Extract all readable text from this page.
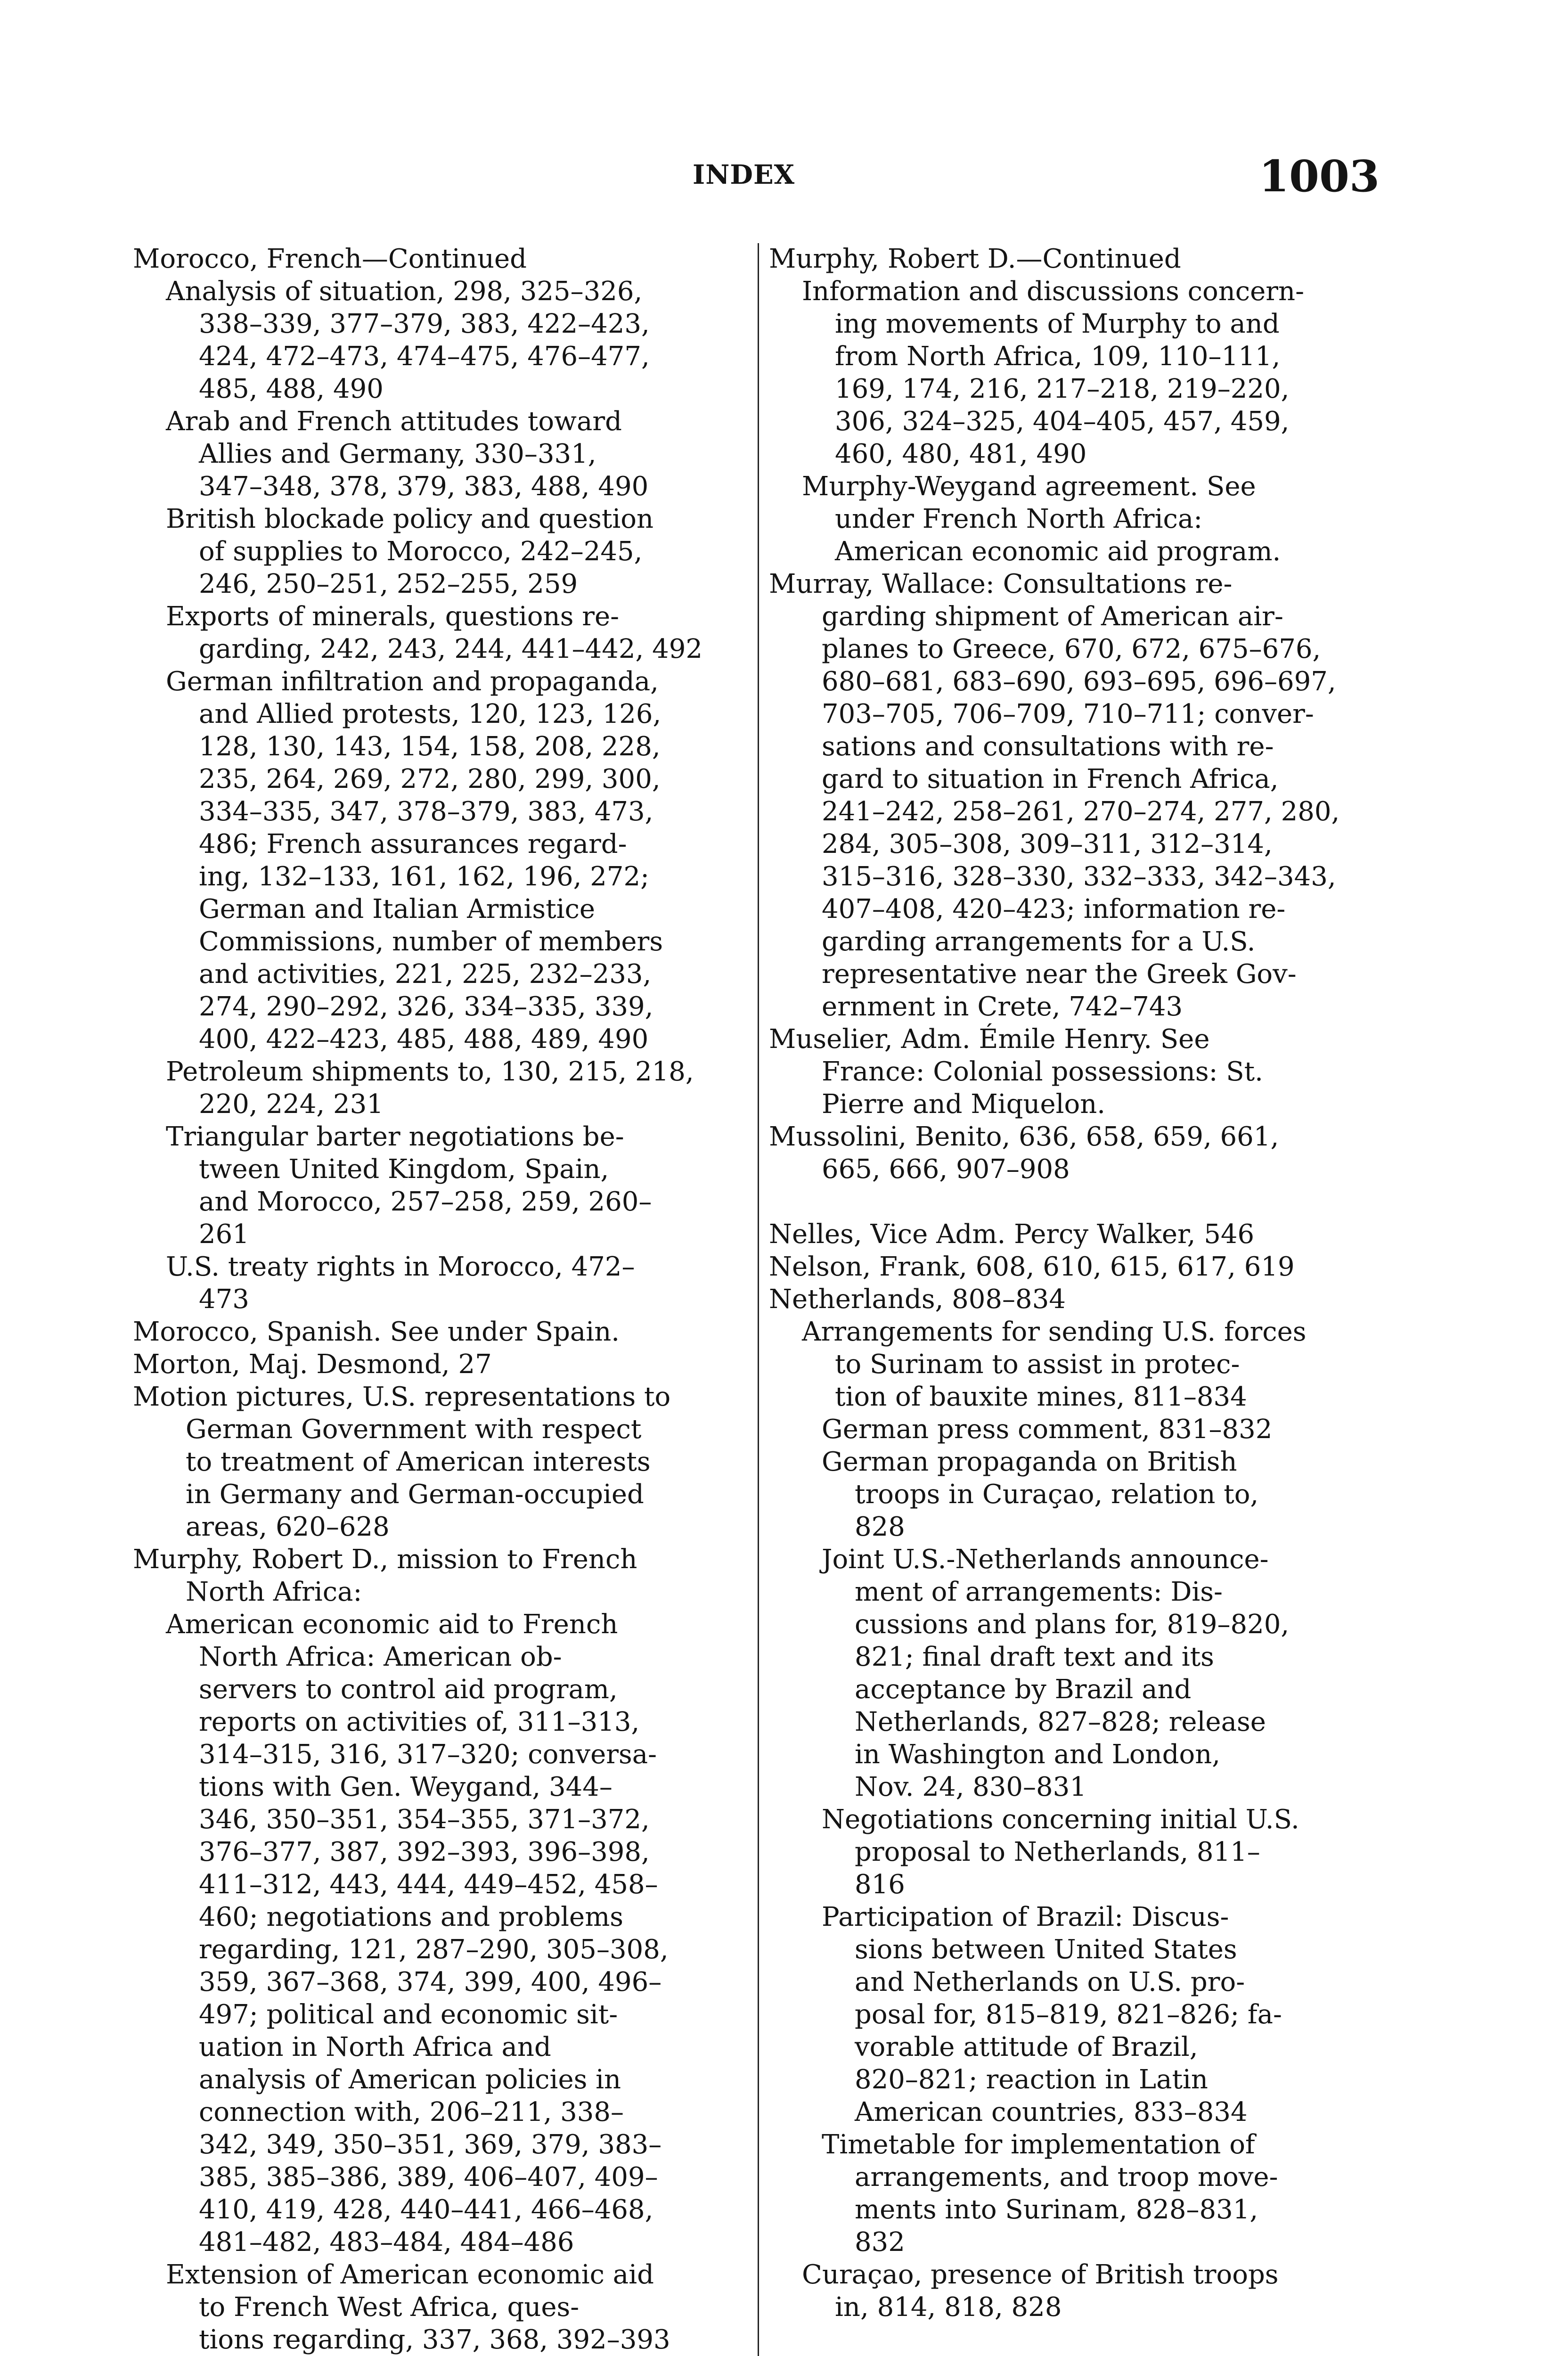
INDEX	1003
Morocco, French—Continued
Analysis of situation, 298, 325–326,
338–339, 377–379, 383, 422–423,
424, 472–473, 474–475, 476–477,
485, 488, 490
Arab and French attitudes toward
Allies and Germany, 330–331,
347–348, 378, 379, 383, 488, 490
British blockade policy and question
of supplies to Morocco, 242–245,
246, 250–251, 252–255, 259
Exports of minerals, questions re-
garding, 242, 243, 244, 441–442, 492
German infiltration and propaganda,
and Allied protests, 120, 123, 126,
128, 130, 143, 154, 158, 208, 228,
235, 264, 269, 272, 280, 299, 300,
334–335, 347, 378–379, 383, 473,
486; French assurances regard-
ing, 132–133, 161, 162, 196, 272;
German and Italian Armistice
Commissions, number of members
and activities, 221, 225, 232–233,
274, 290–292, 326, 334–335, 339,
400, 422–423, 485, 488, 489, 490
Petroleum shipments to, 130, 215, 218,
220, 224, 231
Triangular barter negotiations be-
tween United Kingdom, Spain,
and Morocco, 257–258, 259, 260–
261
U.S. treaty rights in Morocco, 472–
473
Morocco, Spanish. See under Spain.
Morton, Maj. Desmond, 27
Motion pictures, U.S. representations to
German Government with respect
to treatment of American interests
in Germany and German-occupied
areas, 620–628
Murphy, Robert D., mission to French
North Africa:
American economic aid to French
North Africa: American ob-
servers to control aid program,
reports on activities of, 311–313,
314–315, 316, 317–320; conversa-
tions with Gen. Weygand, 344–
346, 350–351, 354–355, 371–372,
376–377, 387, 392–393, 396–398,
411–312, 443, 444, 449–452, 458–
460; negotiations and problems
regarding, 121, 287–290, 305–308,
359, 367–368, 374, 399, 400, 496–
497; political and economic sit-
uation in North Africa and
analysis of American policies in
connection with, 206–211, 338–
342, 349, 350–351, 369, 379, 383–
385, 385–386, 389, 406–407, 409–
410, 419, 428, 440–441, 466–468,
481–482, 483–484, 484–486
Extension of American economic aid
to French West Africa, ques-
tions regarding, 337, 368, 392–393
Murphy, Robert D.—Continued
Information and discussions concern-
ing movements of Murphy to and
from North Africa, 109, 110–111,
169, 174, 216, 217–218, 219–220,
306, 324–325, 404–405, 457, 459,
460, 480, 481, 490
Murphy-Weygand agreement. See
under French North Africa:
American economic aid program.
Murray, Wallace: Consultations re-
garding shipment of American air-
planes to Greece, 670, 672, 675–676,
680–681, 683–690, 693–695, 696–697,
703–705, 706–709, 710–711; conver-
sations and consultations with re-
gard to situation in French Africa,
241–242, 258–261, 270–274, 277, 280,
284, 305–308, 309–311, 312–314,
315–316, 328–330, 332–333, 342–343,
407–408, 420–423; information re-
garding arrangements for a U.S.
representative near the Greek Gov-
ernment in Crete, 742–743
Muselier, Adm. Émile Henry. See
France: Colonial possessions: St.
Pierre and Miquelon.
Mussolini, Benito, 636, 658, 659, 661,
665, 666, 907–908
Nelles, Vice Adm. Percy Walker, 546
Nelson, Frank, 608, 610, 615, 617, 619
Netherlands, 808–834
Arrangements for sending U.S. forces
to Surinam to assist in protec-
tion of bauxite mines, 811–834
German press comment, 831–832
German propaganda on British
troops in Curaçao, relation to,
828
Joint U.S.-Netherlands announce-
ment of arrangements: Dis-
cussions and plans for, 819–820,
821; final draft text and its
acceptance by Brazil and
Netherlands, 827–828; release
in Washington and London,
Nov. 24, 830–831
Negotiations concerning initial U.S.
proposal to Netherlands, 811–
816
Participation of Brazil: Discus-
sions between United States
and Netherlands on U.S. pro-
posal for, 815–819, 821–826; fa-
vorable attitude of Brazil,
820–821; reaction in Latin
American countries, 833–834
Timetable for implementation of
arrangements, and troop move-
ments into Surinam, 828–831,
832
Curaçao, presence of British troops
in, 814, 818, 828
